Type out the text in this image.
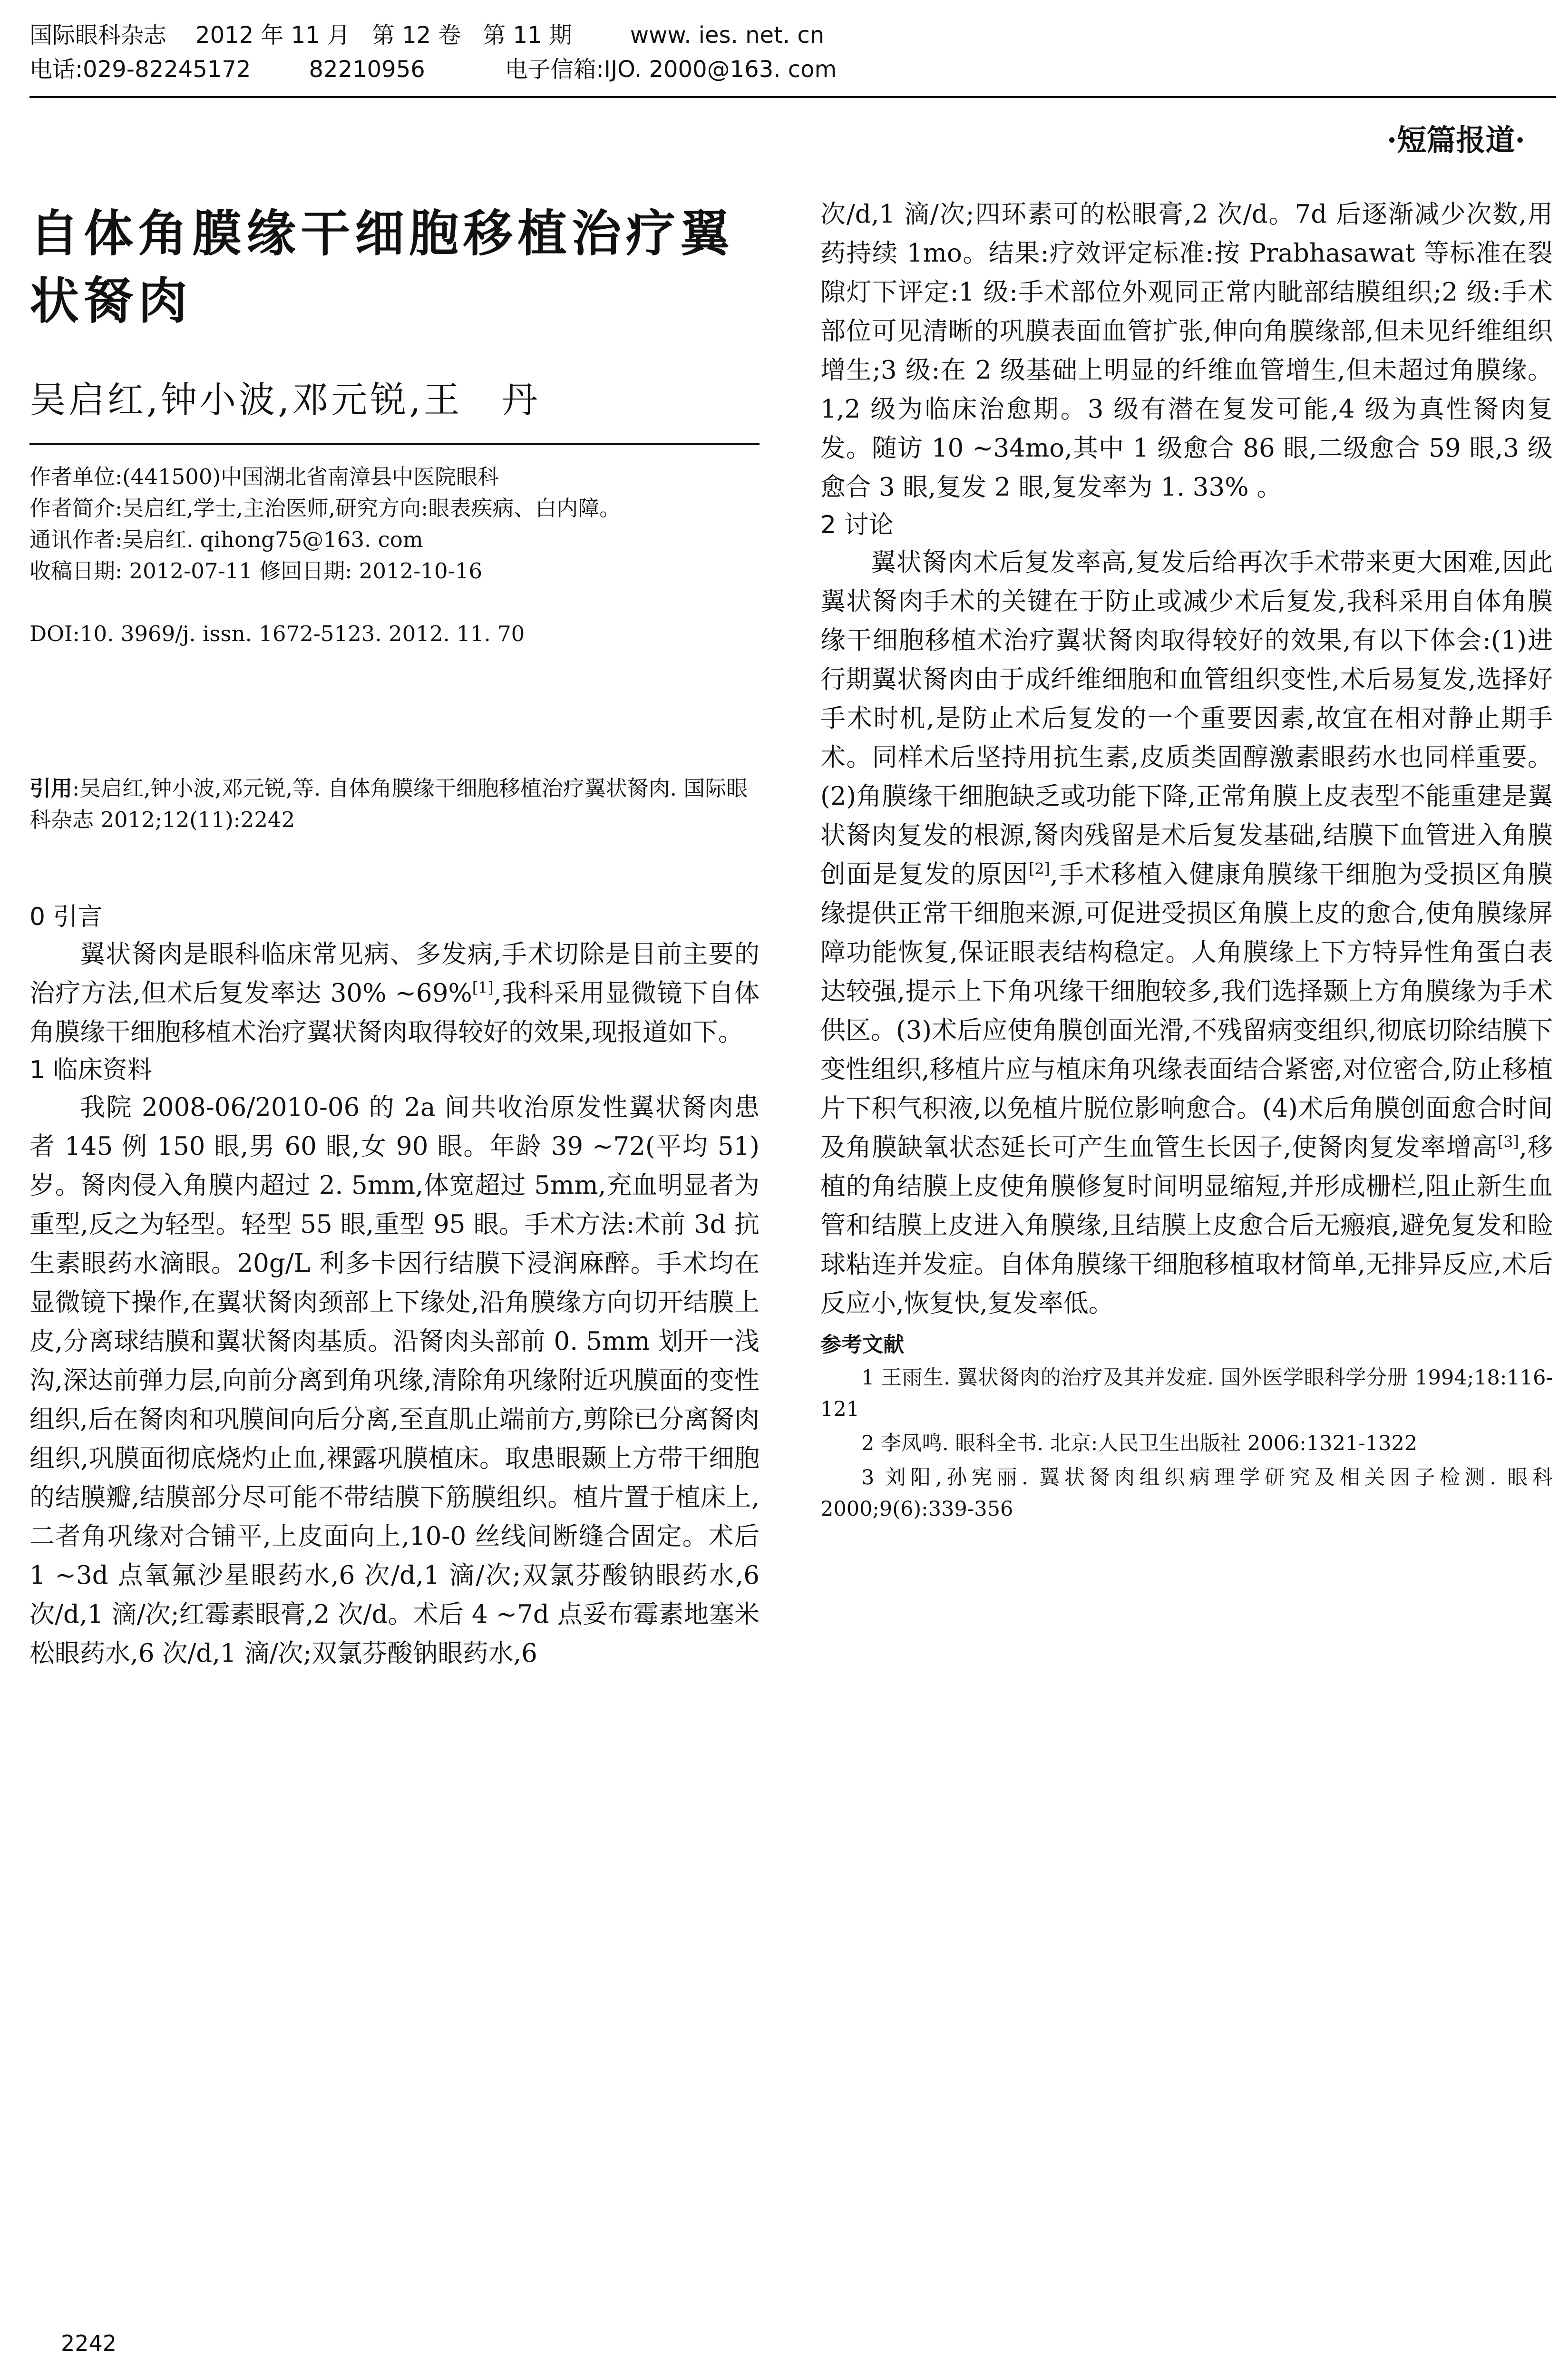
国际眼科杂志    2012 年 11 月   第 12 卷   第 11 期        www. ies. net. cn
电话:029-82245172        82210956           电子信箱:IJO. 2000@163. com
·短篇报道·
自体角膜缘干细胞移植治疗翼状胬肉
吴启红,钟小波,邓元锐,王　丹

作者单位:(441500)中国湖北省南漳县中医院眼科

作者简介:吴启红,学士,主治医师,研究方向:眼表疾病、白内障。

通讯作者:吴启红. qihong75@163. com

收稿日期: 2012-07-11 修回日期: 2012-10-16

DOI:10. 3969/j. issn. 1672-5123. 2012. 11. 70

引用:吴启红,钟小波,邓元锐,等. 自体角膜缘干细胞移植治疗翼状胬肉. 国际眼科杂志 2012;12(11):2242
0 引言

翼状胬肉是眼科临床常见病、多发病,手术切除是目前主要的治疗方法,但术后复发率达 30% ~69%[1],我科采用显微镜下自体角膜缘干细胞移植术治疗翼状胬肉取得较好的效果,现报道如下。

1 临床资料

我院 2008-06/2010-06 的 2a 间共收治原发性翼状胬肉患者 145 例 150 眼,男 60 眼,女 90 眼。年龄 39 ~72(平均 51)岁。胬肉侵入角膜内超过 2. 5mm,体宽超过 5mm,充血明显者为重型,反之为轻型。轻型 55 眼,重型 95 眼。手术方法:术前 3d 抗生素眼药水滴眼。20g/L 利多卡因行结膜下浸润麻醉。手术均在显微镜下操作,在翼状胬肉颈部上下缘处,沿角膜缘方向切开结膜上皮,分离球结膜和翼状胬肉基质。沿胬肉头部前 0. 5mm 划开一浅沟,深达前弹力层,向前分离到角巩缘,清除角巩缘附近巩膜面的变性组织,后在胬肉和巩膜间向后分离,至直肌止端前方,剪除已分离胬肉组织,巩膜面彻底烧灼止血,裸露巩膜植床。取患眼颞上方带干细胞的结膜瓣,结膜部分尽可能不带结膜下筋膜组织。植片置于植床上,二者角巩缘对合铺平,上皮面向上,10-0 丝线间断缝合固定。术后 1 ~3d 点氧氟沙星眼药水,6 次/d,1 滴/次;双氯芬酸钠眼药水,6 次/d,1 滴/次;红霉素眼膏,2 次/d。术后 4 ~7d 点妥布霉素地塞米松眼药水,6 次/d,1 滴/次;双氯芬酸钠眼药水,6

次/d,1 滴/次;四环素可的松眼膏,2 次/d。7d 后逐渐减少次数,用药持续 1mo。结果:疗效评定标准:按 Prabhasawat 等标准在裂隙灯下评定:1 级:手术部位外观同正常内眦部结膜组织;2 级:手术部位可见清晰的巩膜表面血管扩张,伸向角膜缘部,但未见纤维组织增生;3 级:在 2 级基础上明显的纤维血管增生,但未超过角膜缘。1,2 级为临床治愈期。3 级有潜在复发可能,4 级为真性胬肉复发。随访 10 ~34mo,其中 1 级愈合 86 眼,二级愈合 59 眼,3 级愈合 3 眼,复发 2 眼,复发率为 1. 33% 。

2 讨论

翼状胬肉术后复发率高,复发后给再次手术带来更大困难,因此翼状胬肉手术的关键在于防止或减少术后复发,我科采用自体角膜缘干细胞移植术治疗翼状胬肉取得较好的效果,有以下体会:(1)进行期翼状胬肉由于成纤维细胞和血管组织变性,术后易复发,选择好手术时机,是防止术后复发的一个重要因素,故宜在相对静止期手术。同样术后坚持用抗生素,皮质类固醇激素眼药水也同样重要。(2)角膜缘干细胞缺乏或功能下降,正常角膜上皮表型不能重建是翼状胬肉复发的根源,胬肉残留是术后复发基础,结膜下血管进入角膜创面是复发的原因[2],手术移植入健康角膜缘干细胞为受损区角膜缘提供正常干细胞来源,可促进受损区角膜上皮的愈合,使角膜缘屏障功能恢复,保证眼表结构稳定。人角膜缘上下方特异性角蛋白表达较强,提示上下角巩缘干细胞较多,我们选择颞上方角膜缘为手术供区。(3)术后应使角膜创面光滑,不残留病变组织,彻底切除结膜下变性组织,移植片应与植床角巩缘表面结合紧密,对位密合,防止移植片下积气积液,以免植片脱位影响愈合。(4)术后角膜创面愈合时间及角膜缺氧状态延长可产生血管生长因子,使胬肉复发率增高[3],移植的角结膜上皮使角膜修复时间明显缩短,并形成栅栏,阻止新生血管和结膜上皮进入角膜缘,且结膜上皮愈合后无瘢痕,避免复发和睑球粘连并发症。自体角膜缘干细胞移植取材简单,无排异反应,术后反应小,恢复快,复发率低。

参考文献

1 王雨生. 翼状胬肉的治疗及其并发症. 国外医学眼科学分册 1994;18:116-121

2 李凤鸣. 眼科全书. 北京:人民卫生出版社 2006:1321-1322

3 刘阳,孙宪丽. 翼状胬肉组织病理学研究及相关因子检测. 眼科 2000;9(6):339-356

2242
